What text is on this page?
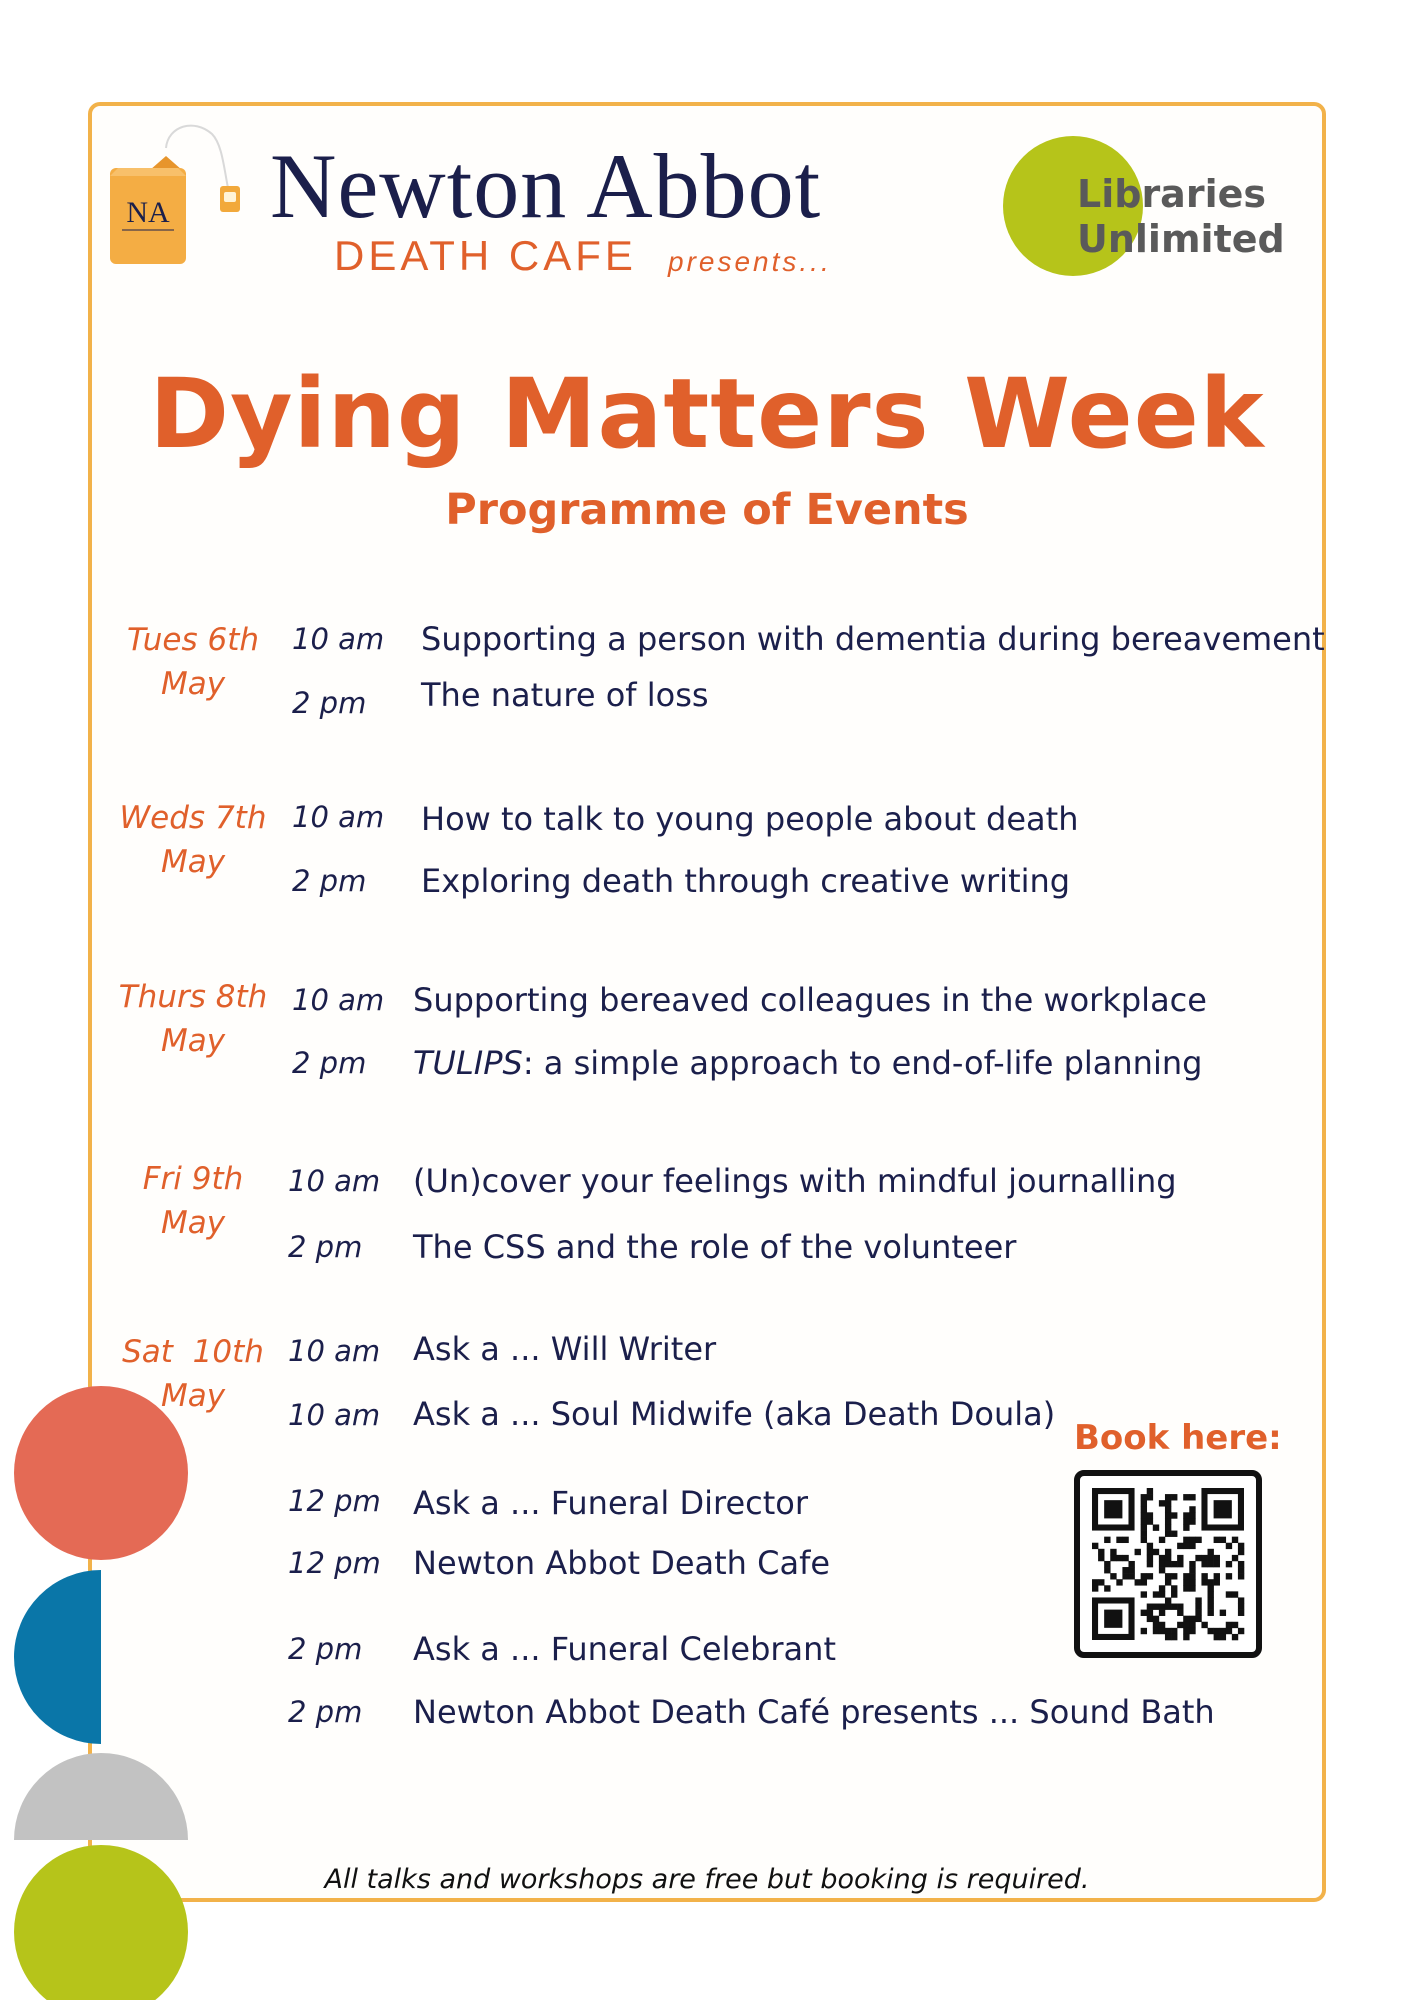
NA Newton Abbot
DEATH CAFE presents...
Libraries
Unlimited
Dying Matters Week
Programme of Events
Tues 6th
May
10 am Supporting a person with dementia during bereavement
2 pm The nature of loss
Weds 7th
May
10 am How to talk to young people about death
2 pm Exploring death through creative writing
Thurs 8th
May
10 am Supporting bereaved colleagues in the workplace
2 pm TULIPS: a simple approach to end-of-life planning
Fri 9th
May
10 am (Un)cover your feelings with mindful journalling
2 pm The CSS and the role of the volunteer
Sat  10th
May
10 am Ask a ... Will Writer
10 am Ask a ... Soul Midwife (aka Death Doula)
12 pm Ask a ... Funeral Director
12 pm Newton Abbot Death Cafe
2 pm Ask a ... Funeral Celebrant
2 pm Newton Abbot Death Café presents ... Sound Bath
Book here:
All talks and workshops are free but booking is required.
